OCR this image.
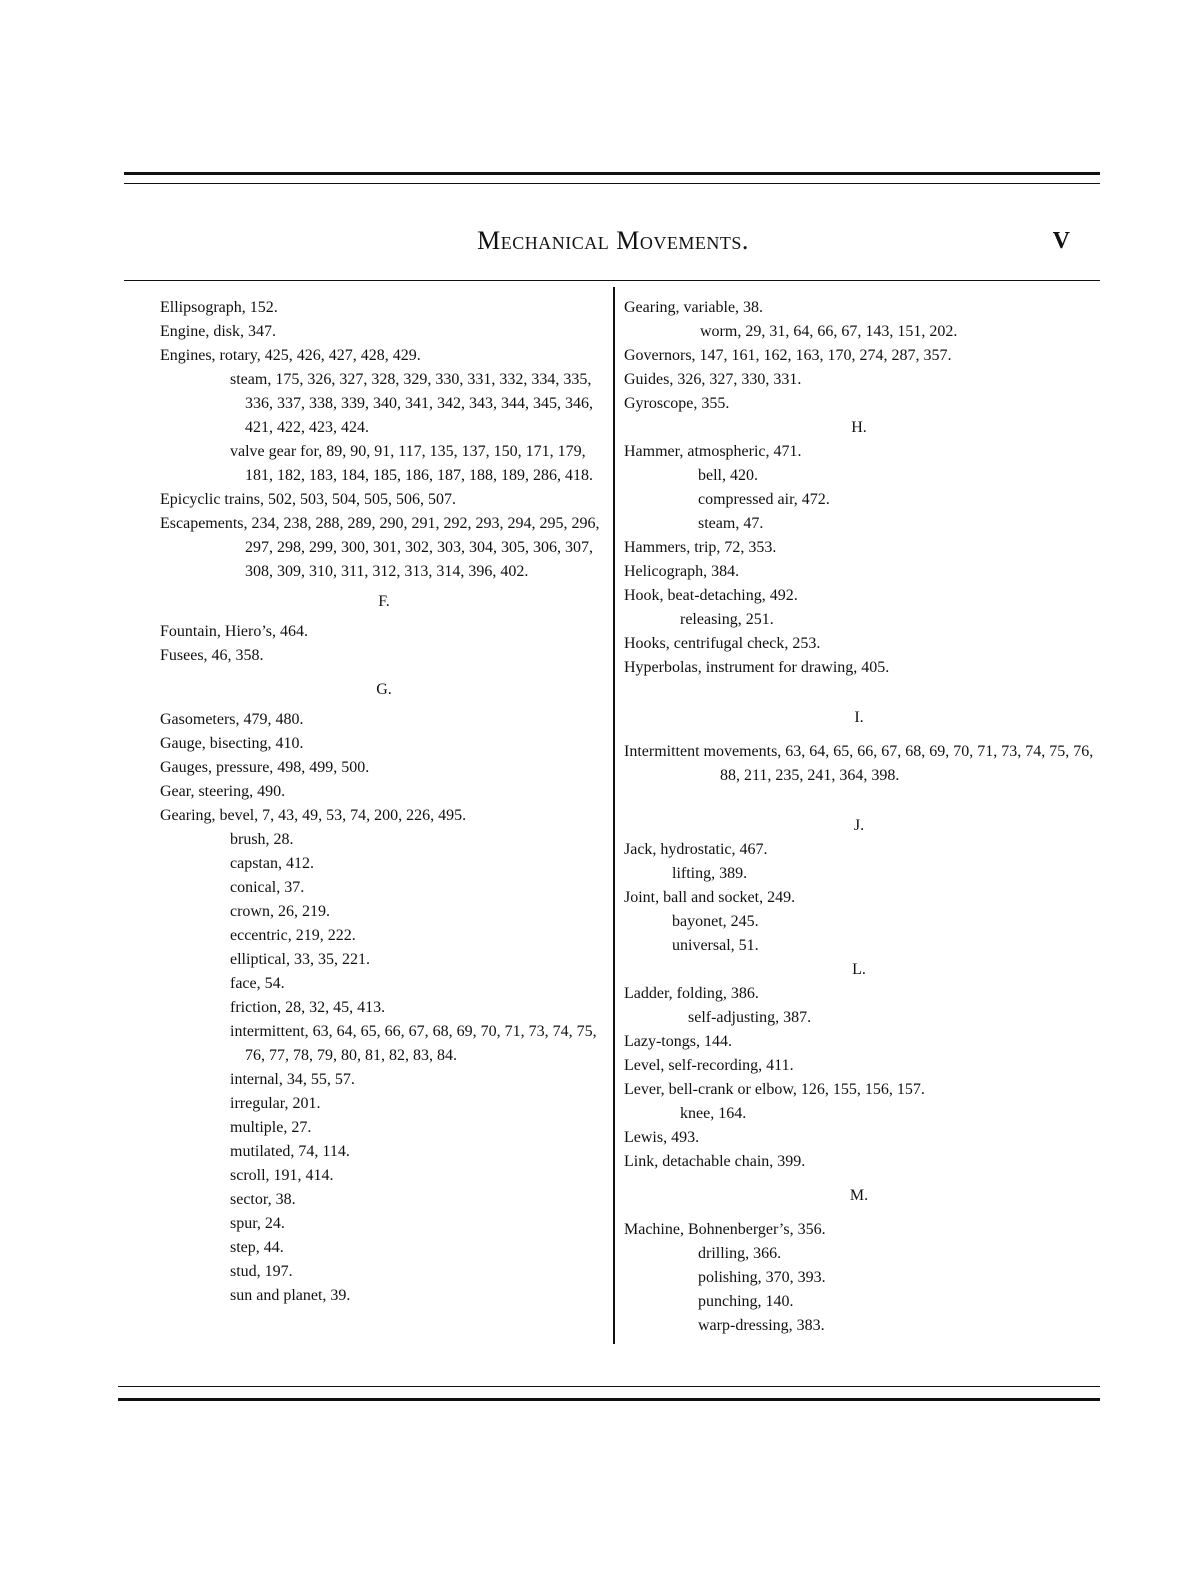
Mechanical Movements.	V
Ellipsograph, 152.
Engine, disk, 347.
Engines, rotary, 425, 426, 427, 428, 429.
steam, 175, 326, 327, 328, 329, 330, 331, 332, 334, 335, 336, 337, 338, 339, 340, 341, 342, 343, 344, 345, 346, 421, 422, 423, 424.
valve gear for, 89, 90, 91, 117, 135, 137, 150, 171, 179, 181, 182, 183, 184, 185, 186, 187, 188, 189, 286, 418.
Epicyclic trains, 502, 503, 504, 505, 506, 507.
Escapements, 234, 238, 288, 289, 290, 291, 292, 293, 294, 295, 296, 297, 298, 299, 300, 301, 302, 303, 304, 305, 306, 307, 308, 309, 310, 311, 312, 313, 314, 396, 402.
F.
Fountain, Hiero’s, 464.
Fusees, 46, 358.
G.
Gasometers, 479, 480.
Gauge, bisecting, 410.
Gauges, pressure, 498, 499, 500.
Gear, steering, 490.
Gearing, bevel, 7, 43, 49, 53, 74, 200, 226, 495.
brush, 28.
capstan, 412.
conical, 37.
crown, 26, 219.
eccentric, 219, 222.
elliptical, 33, 35, 221.
face, 54.
friction, 28, 32, 45, 413.
intermittent, 63, 64, 65, 66, 67, 68, 69, 70, 71, 73, 74, 75, 76, 77, 78, 79, 80, 81, 82, 83, 84.
internal, 34, 55, 57.
irregular, 201.
multiple, 27.
mutilated, 74, 114.
scroll, 191, 414.
sector, 38.
spur, 24.
step, 44.
stud, 197.
sun and planet, 39.
Gearing, variable, 38.
worm, 29, 31, 64, 66, 67, 143, 151, 202.
Governors, 147, 161, 162, 163, 170, 274, 287, 357.
Guides, 326, 327, 330, 331.
Gyroscope, 355.
H.
Hammer, atmospheric, 471.
bell, 420.
compressed air, 472.
steam, 47.
Hammers, trip, 72, 353.
Helicograph, 384.
Hook, beat-detaching, 492.
releasing, 251.
Hooks, centrifugal check, 253.
Hyperbolas, instrument for drawing, 405.
I.
Intermittent movements, 63, 64, 65, 66, 67, 68, 69, 70, 71, 73, 74, 75, 76, 88, 211, 235, 241, 364, 398.
J.
Jack, hydrostatic, 467.
lifting, 389.
Joint, ball and socket, 249.
bayonet, 245.
universal, 51.
L.
Ladder, folding, 386.
self-adjusting, 387.
Lazy-tongs, 144.
Level, self-recording, 411.
Lever, bell-crank or elbow, 126, 155, 156, 157.
knee, 164.
Lewis, 493.
Link, detachable chain, 399.
M.
Machine, Bohnenberger’s, 356.
drilling, 366.
polishing, 370, 393.
punching, 140.
warp-dressing, 383.
